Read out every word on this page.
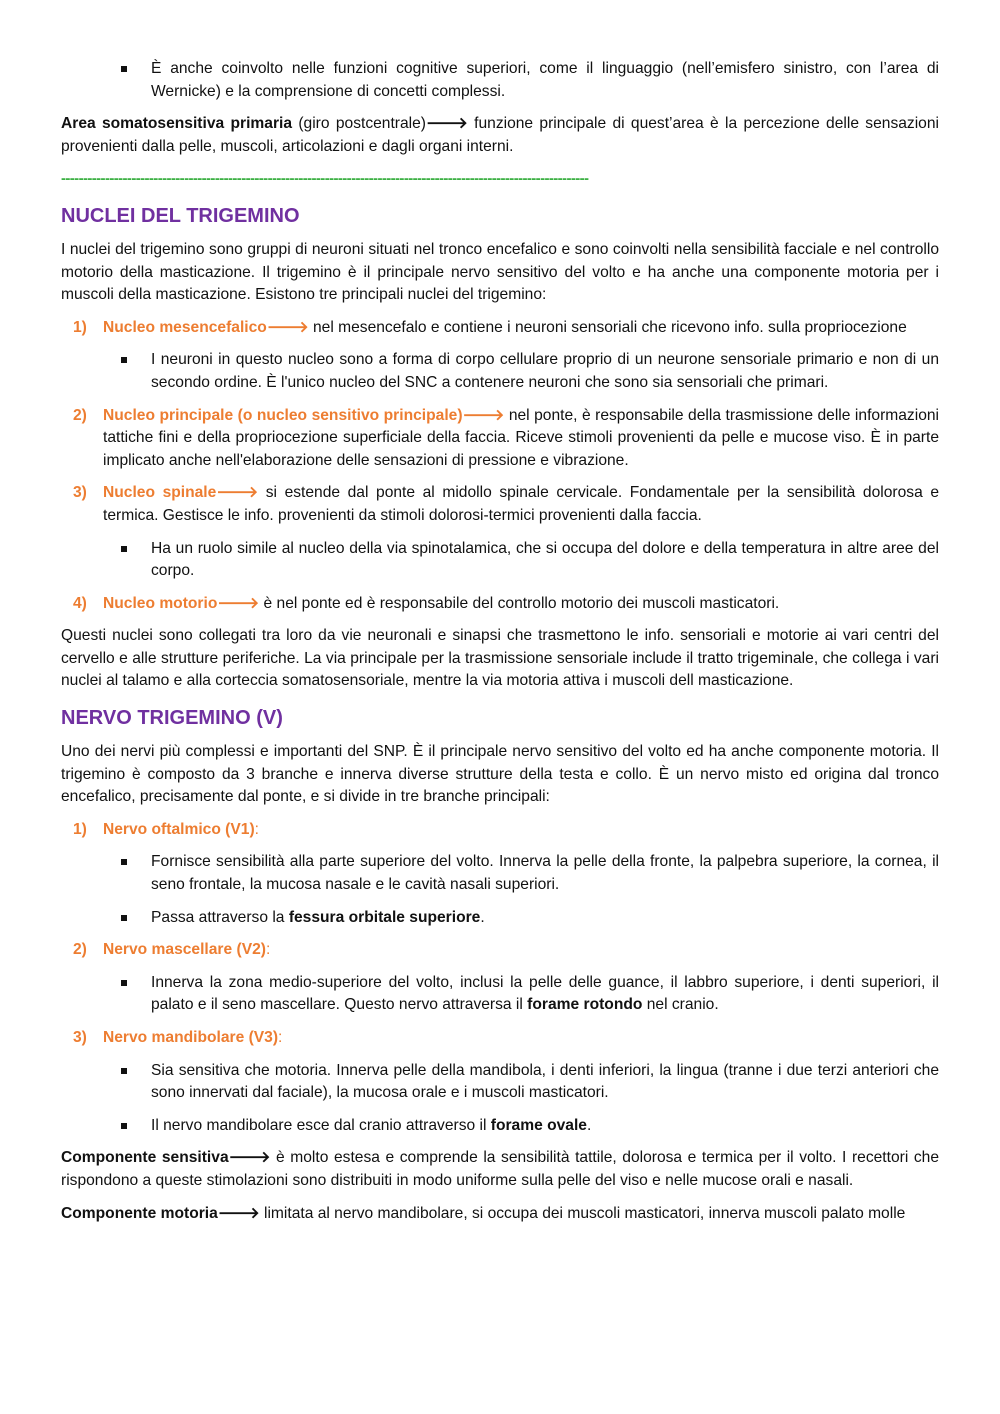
È anche coinvolto nelle funzioni cognitive superiori, come il linguaggio (nell’emisfero sinistro, con l’area di Wernicke) e la comprensione di concetti complessi.

Area somatosensitiva primaria (giro postcentrale)🡒 funzione principale di quest’area è la percezione delle sensazioni provenienti dalla pelle, muscoli, articolazioni e dagli organi interni.

------------------------------------------------------------------------------------------------------------------------
NUCLEI DEL TRIGEMINO

I nuclei del trigemino sono gruppi di neuroni situati nel tronco encefalico e sono coinvolti nella sensibilità facciale e nel controllo motorio della masticazione. Il trigemino è il principale nervo sensitivo del volto e ha anche una componente motoria per i muscoli della masticazione. Esistono tre principali nuclei del trigemino:

1) Nucleo mesencefalico🡒 nel mesencefalo e contiene i neuroni sensoriali che ricevono info. sulla propriocezione
I neuroni in questo nucleo sono a forma di corpo cellulare proprio di un neurone sensoriale primario e non di un secondo ordine. È l'unico nucleo del SNC a contenere neuroni che sono sia sensoriali che primari.
2) Nucleo principale (o nucleo sensitivo principale)🡒 nel ponte, è responsabile della trasmissione delle informazioni tattiche fini e della propriocezione superficiale della faccia. Riceve stimoli provenienti da pelle e mucose viso. È in parte implicato anche nell'elaborazione delle sensazioni di pressione e vibrazione.
3) Nucleo spinale🡒 si estende dal ponte al midollo spinale cervicale. Fondamentale per la sensibilità dolorosa e termica. Gestisce le info. provenienti da stimoli dolorosi-termici provenienti dalla faccia.
Ha un ruolo simile al nucleo della via spinotalamica, che si occupa del dolore e della temperatura in altre aree del corpo.
4) Nucleo motorio🡒 è nel ponte ed è responsabile del controllo motorio dei muscoli masticatori.

Questi nuclei sono collegati tra loro da vie neuronali e sinapsi che trasmettono le info. sensoriali e motorie ai vari centri del cervello e alle strutture periferiche. La via principale per la trasmissione sensoriale include il tratto trigeminale, che collega i vari nuclei al talamo e alla corteccia somatosensoriale, mentre la via motoria attiva i muscoli dell masticazione.

NERVO TRIGEMINO (V)

Uno dei nervi più complessi e importanti del SNP. È il principale nervo sensitivo del volto ed ha anche componente motoria. Il trigemino è composto da 3 branche e innerva diverse strutture della testa e collo. È un nervo misto ed origina dal tronco encefalico, precisamente dal ponte, e si divide in tre branche principali:

1) Nervo oftalmico (V1):
Fornisce sensibilità alla parte superiore del volto. Innerva la pelle della fronte, la palpebra superiore, la cornea, il seno frontale, la mucosa nasale e le cavità nasali superiori.
Passa attraverso la fessura orbitale superiore.
2) Nervo mascellare (V2):
Innerva la zona medio-superiore del volto, inclusi la pelle delle guance, il labbro superiore, i denti superiori, il palato e il seno mascellare. Questo nervo attraversa il forame rotondo nel cranio.
3) Nervo mandibolare (V3):
Sia sensitiva che motoria. Innerva pelle della mandibola, i denti inferiori, la lingua (tranne i due terzi anteriori che sono innervati dal faciale), la mucosa orale e i muscoli masticatori.
Il nervo mandibolare esce dal cranio attraverso il forame ovale.

Componente sensitiva🡒 è molto estesa e comprende la sensibilità tattile, dolorosa e termica per il volto. I recettori che rispondono a queste stimolazioni sono distribuiti in modo uniforme sulla pelle del viso e nelle mucose orali e nasali.

Componente motoria🡒 limitata al nervo mandibolare, si occupa dei muscoli masticatori, innerva muscoli palato molle
